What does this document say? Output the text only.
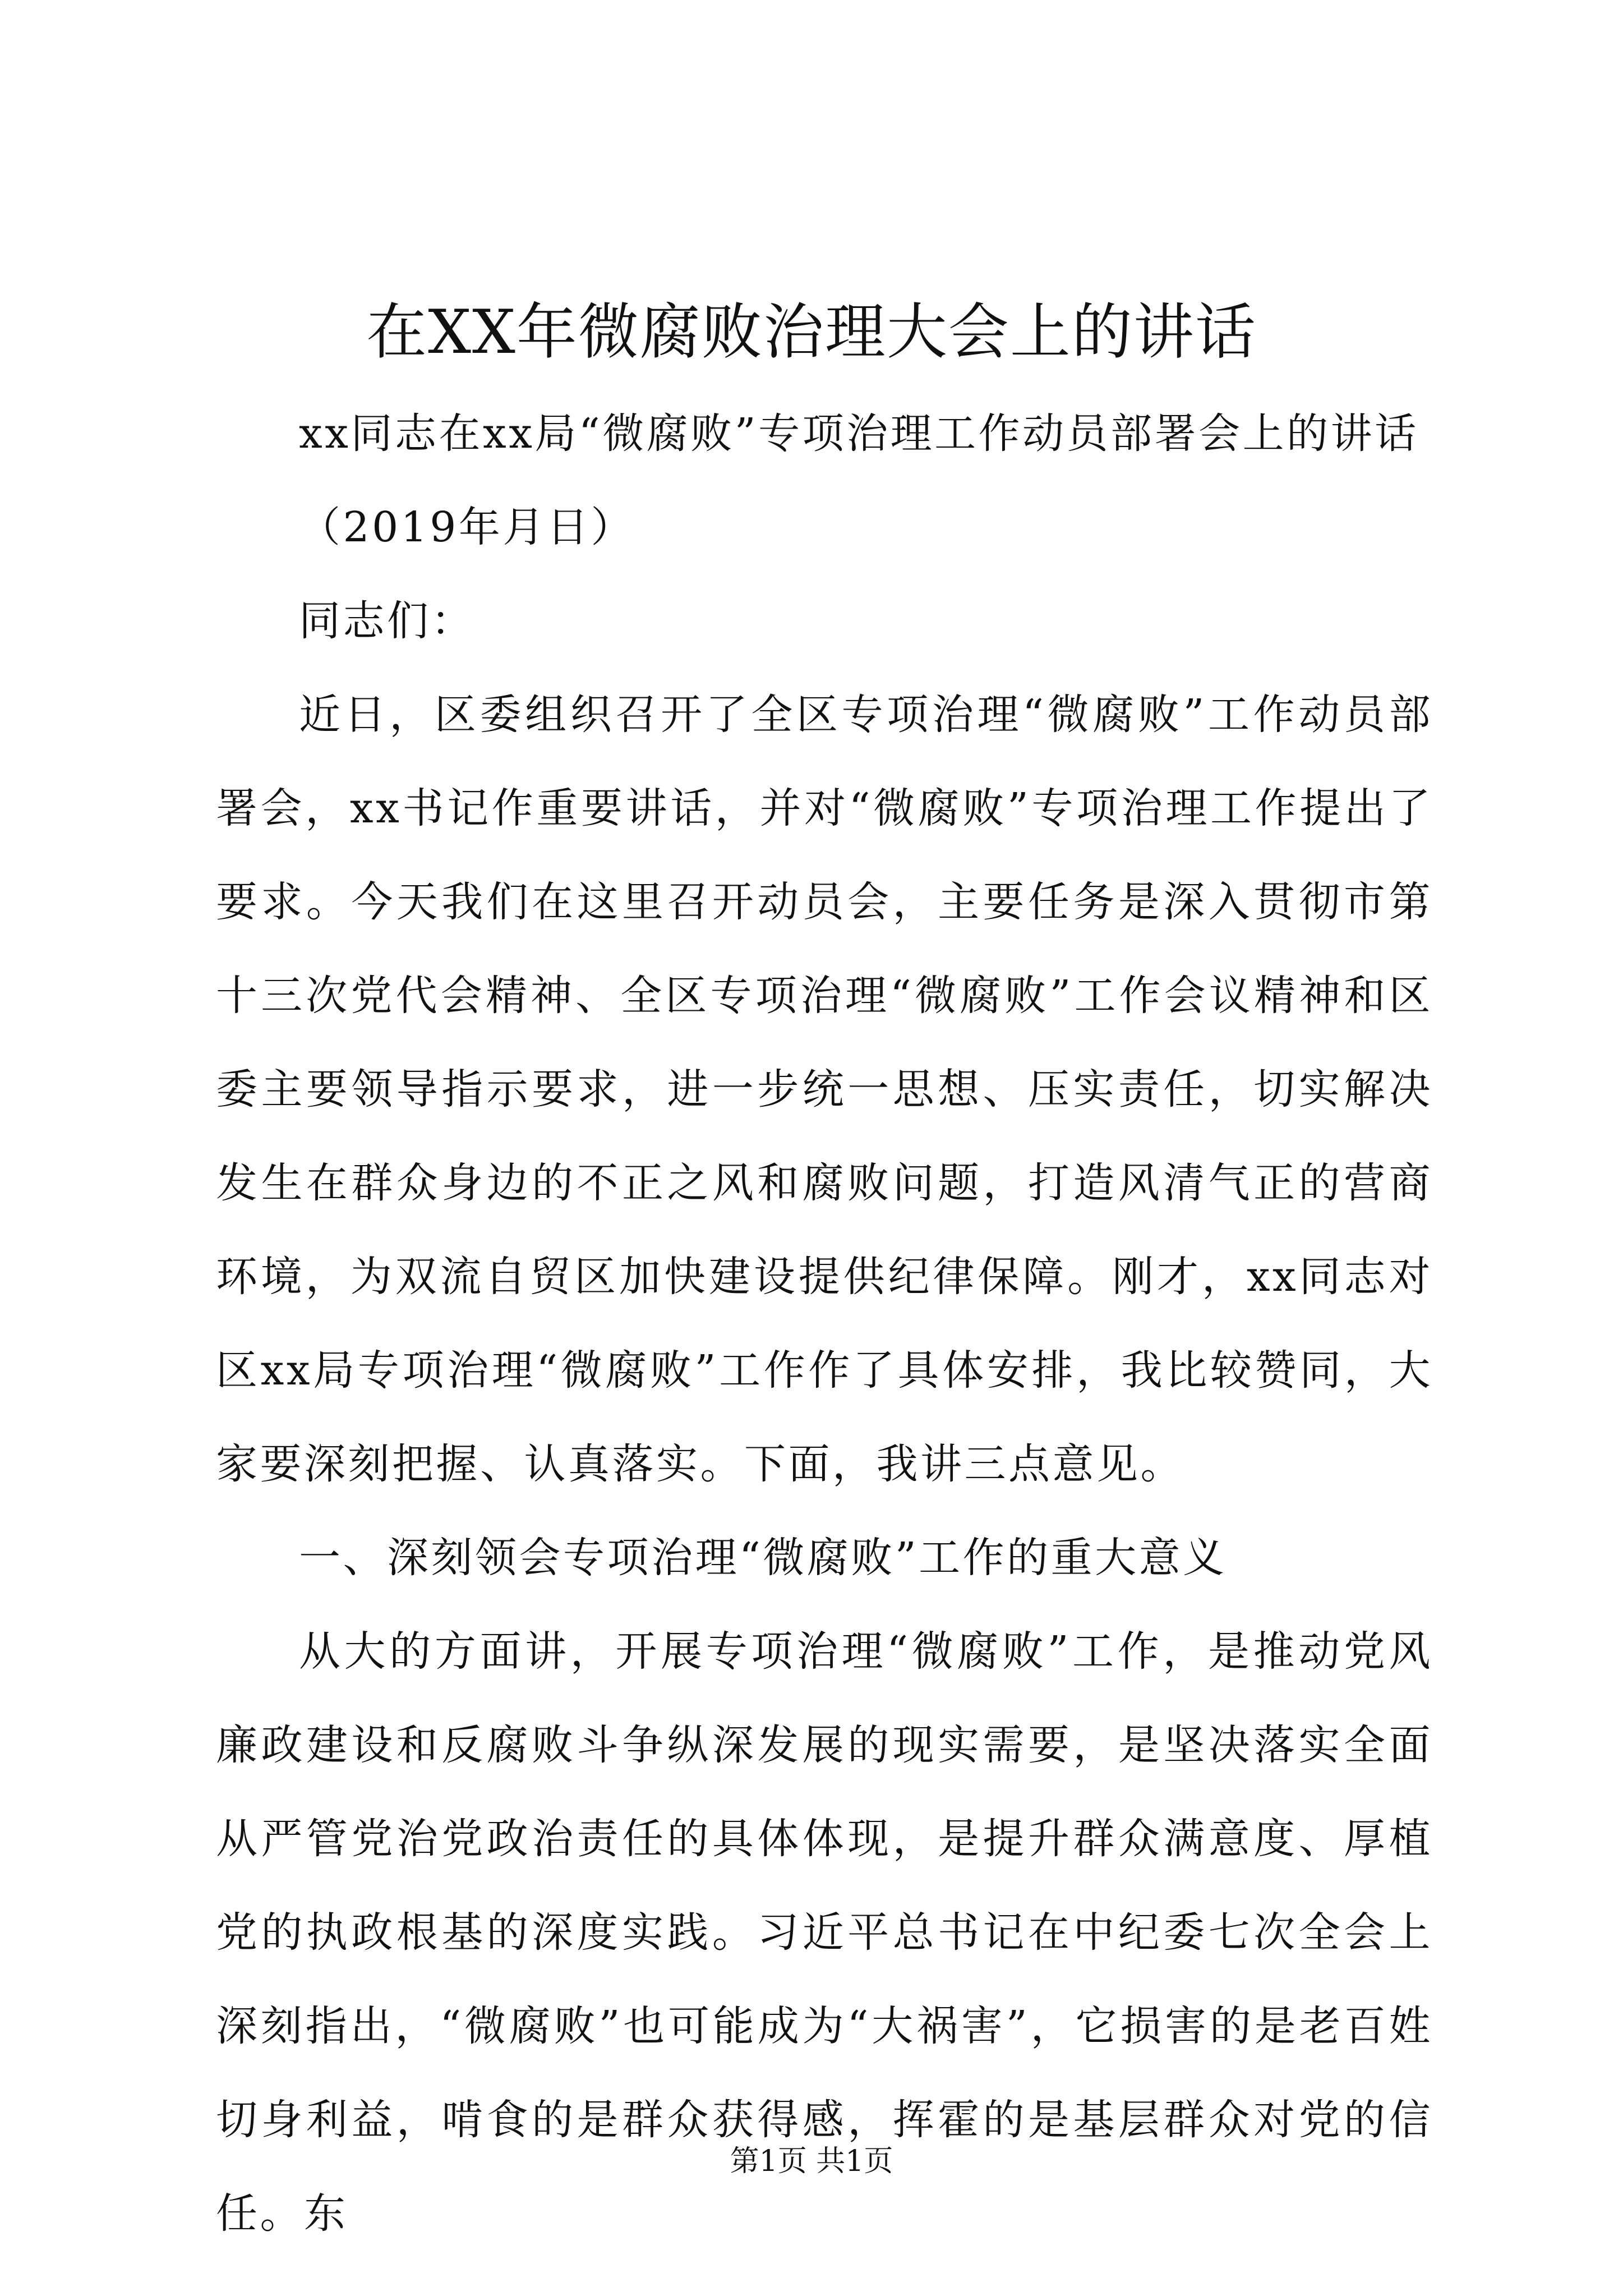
在XX年微腐败治理大会上的讲话

xx同志在xx局“微腐败”专项治理工作动员部署会上的讲话

（2019年月日）

同志们：

近日，区委组织召开了全区专项治理“微腐败”工作动员部署会，xx书记作重要讲话，并对“微腐败”专项治理工作提出了要求。今天我们在这里召开动员会，主要任务是深入贯彻市第十三次党代会精神、全区专项治理“微腐败”工作会议精神和区委主要领导指示要求，进一步统一思想、压实责任，切实解决发生在群众身边的不正之风和腐败问题，打造风清气正的营商环境，为双流自贸区加快建设提供纪律保障。刚才，xx同志对区xx局专项治理“微腐败”工作作了具体安排，我比较赞同，大家要深刻把握、认真落实。下面，我讲三点意见。

一、深刻领会专项治理“微腐败”工作的重大意义

从大的方面讲，开展专项治理“微腐败”工作，是推动党风廉政建设和反腐败斗争纵深发展的现实需要，是坚决落实全面从严管党治党政治责任的具体体现，是提升群众满意度、厚植党的执政根基的深度实践。习近平总书记在中纪委七次全会上深刻指出，“微腐败”也可能成为“大祸害”，它损害的是老百姓切身利益，啃食的是群众获得感，挥霍的是基层群众对党的信任。东

第1页 共1页
